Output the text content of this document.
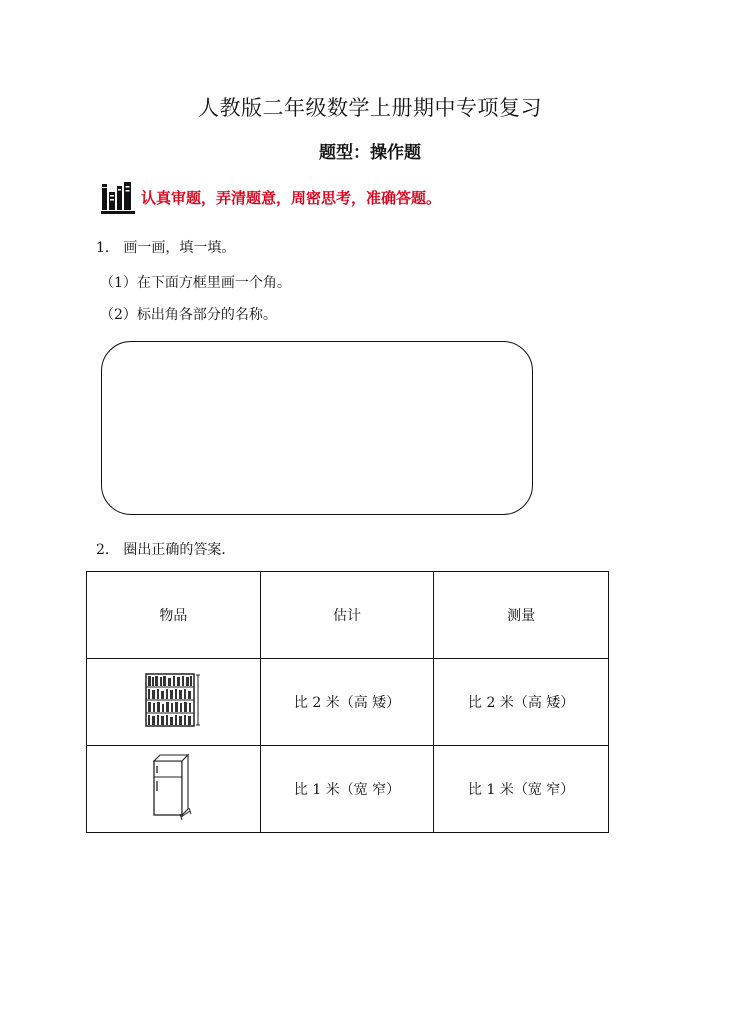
人教版二年级数学上册期中专项复习
题型：操作题
认真审题，弄清题意，周密思考，准确答题。
1． 画一画，填一填。
（1）在下面方框里画一个角。
（2）标出角各部分的名称。
2． 圈出正确的答案．
物品	估计	测量
	比 2 米（高 矮）	比 2 米（高 矮）
	比 1 米（宽 窄）	比 1 米（宽 窄）
